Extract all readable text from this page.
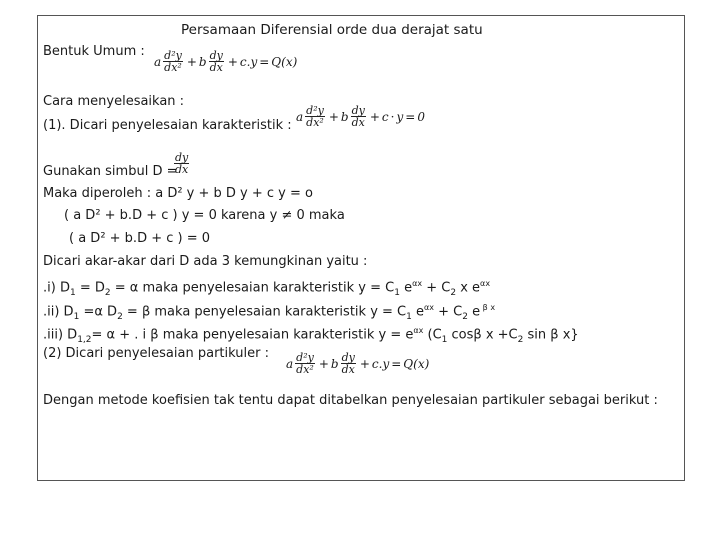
Persamaan Diferensial orde dua derajat satu
Bentuk Umum :
a $\frac{\text{d²y}}{\text{dx²}} + b \frac{dy}{dx} + c.y = Q(x)$
Cara menyelesaikan :
(1). Dicari penyelesaian karakteristik :
a $\frac{\text{d²y}}{\text{dx²}} + b \frac{dy}{dx} + c \cdot y = 0$
Gunakan simbul D =
$\frac{dy}{dx}$
Maka diperoleh : a D² y + b D y + c y = o
( a D² + b.D + c ) y = 0 karena y ≠ 0 maka
( a D² + b.D + c ) = 0
Dicari akar-akar dari D ada 3 kemungkinan yaitu :
.i) $D_1 = D_2 = \alpha$ maka penyelesaian karakteristik $y = C_1$ $e^{\alpha x} + C_2$ x $e^{\alpha x}$
.ii) $D_1 =\alpha$ $D_2 = \beta$ maka penyelesaian karakteristik $y = C_1$ $e^{\alpha x} + C_2$ e $^{\beta x}$
.iii) $D_{1,2}= \alpha$ + . i β maka penyelesaian karakteristik $y = e^{\alpha x}$ ($C_1$ cosβ $x +C_2$ sin β x}
(2) Dicari penyelesaian partikuler :
a $\frac{\text{d²y}}{\text{dx²}} + b \frac{dy}{dx} + c.y = Q(x)$
Dengan metode koefisien tak tentu dapat ditabelkan penyelesaian partikuler sebagai berikut :
